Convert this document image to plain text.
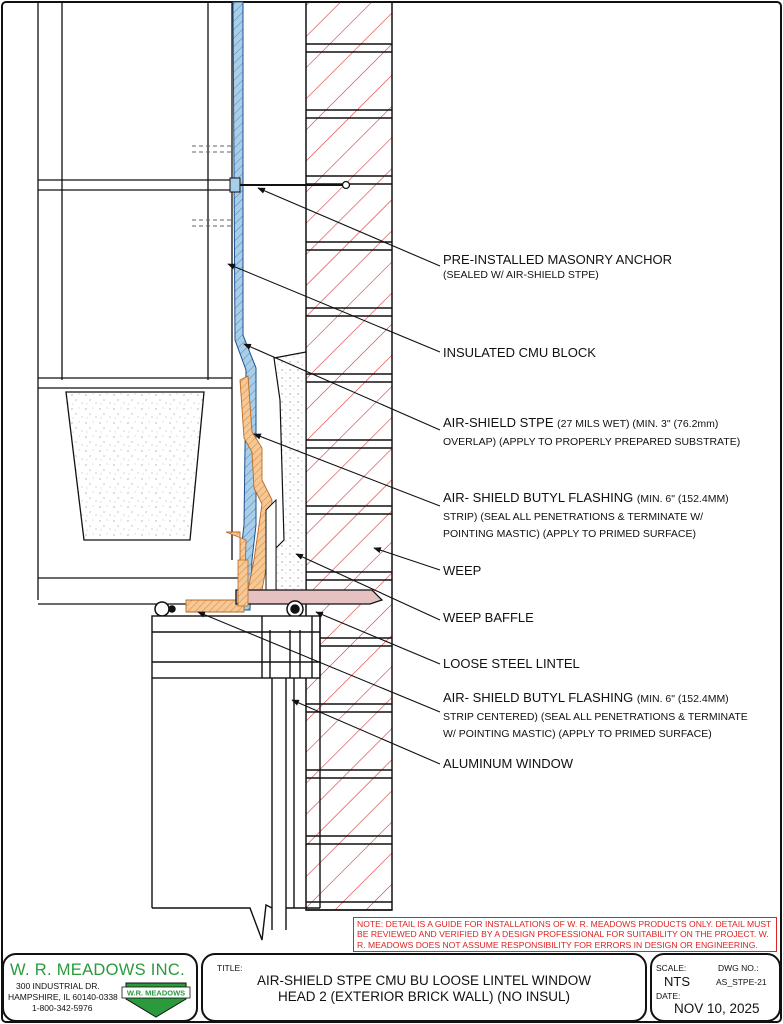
PRE-INSTALLED MASONRY ANCHOR

(SEALED W/ AIR-SHIELD STPE)
INSULATED CMU BLOCK
AIR-SHIELD STPE (27 MILS WET) (MIN. 3" (76.2mm)
OVERLAP) (APPLY TO PROPERLY PREPARED SUBSTRATE)
AIR- SHIELD BUTYL FLASHING (MIN. 6" (152.4MM)
STRIP) (SEAL ALL PENETRATIONS & TERMINATE W/
POINTING MASTIC) (APPLY TO PRIMED SURFACE)
WEEP
WEEP BAFFLE
LOOSE STEEL LINTEL
AIR- SHIELD BUTYL FLASHING (MIN. 6" (152.4MM)
STRIP CENTERED) (SEAL ALL PENETRATIONS & TERMINATE
W/ POINTING MASTIC) (APPLY TO PRIMED SURFACE)
ALUMINUM WINDOW
NOTE: DETAIL IS A GUIDE FOR INSTALLATIONS OF W. R. MEADOWS PRODUCTS ONLY. DETAIL MUST BE REVIEWED AND VERIFIED BY A DESIGN PROFESSIONAL FOR SUITABILITY ON THE PROJECT. W. R. MEADOWS DOES NOT ASSUME RESPONSIBILITY FOR ERRORS IN DESIGN OR ENGINEERING.
W. R. MEADOWS INC.
300 INDUSTRIAL DR.
HAMPSHIRE, IL 60140-0338
1-800-342-5976
W.R. MEADOWS
TITLE:
AIR-SHIELD STPE CMU BU LOOSE LINTEL WINDOW
HEAD 2 (EXTERIOR BRICK WALL) (NO INSUL)
SCALE:	DWG NO.:
NTS	AS_STPE-21
DATE:
NOV 10, 2025
